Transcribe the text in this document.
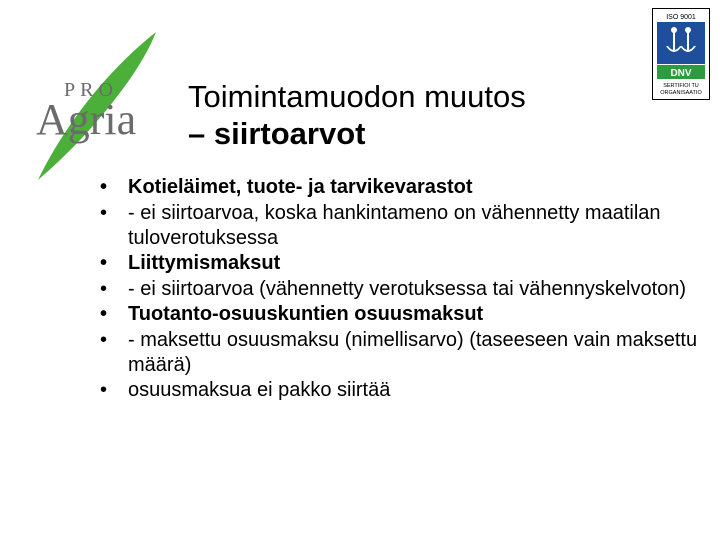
PRO
Agria
ISO 9001
DNV
SERTIFIOI TU
ORGANISAATIO

Toimintamuodon muutos

– siirtoarvot

• Kotieläimet, tuote- ja tarvikevarastot
• - ei siirtoarvoa, koska hankintameno on vähennetty maatilan tuloverotuksessa
• Liittymismaksut
• - ei siirtoarvoa (vähennetty verotuksessa tai vähennyskelvoton)
• Tuotanto-osuuskuntien osuusmaksut
• - maksettu osuusmaksu (nimellisarvo) (taseeseen vain maksettu määrä)
• osuusmaksua ei pakko siirtää
